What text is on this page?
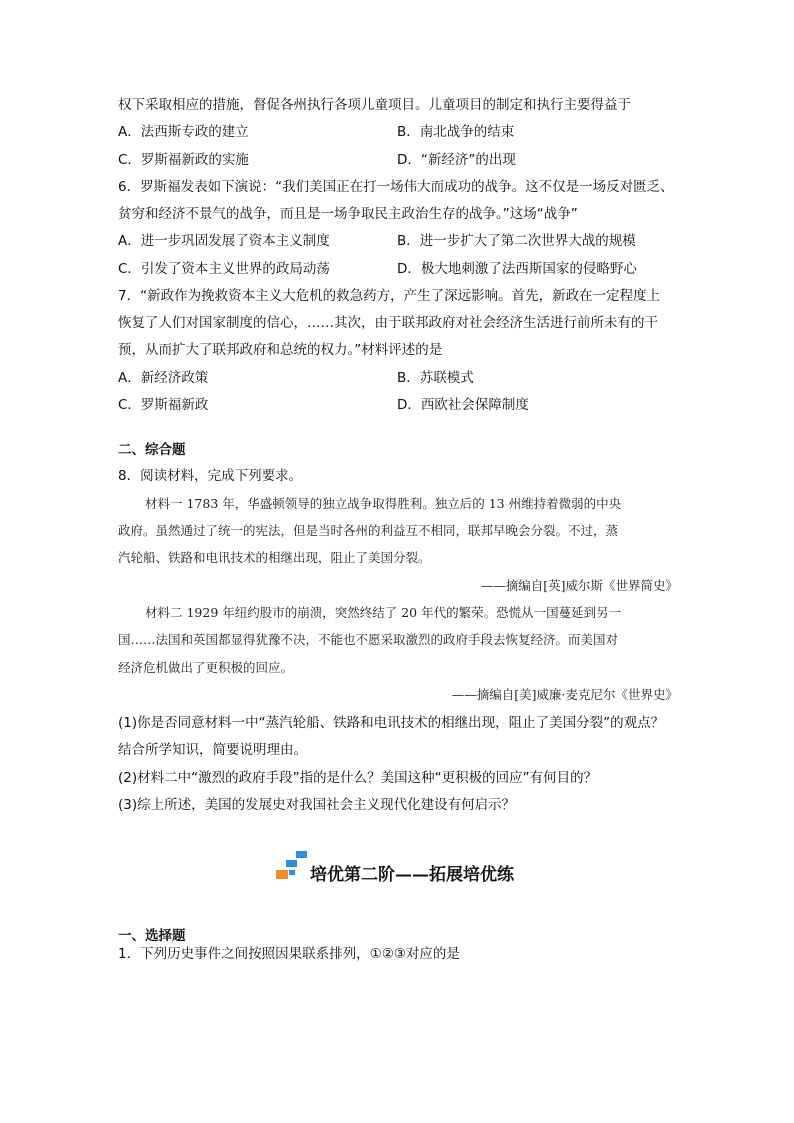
权下采取相应的措施，督促各州执行各项儿童项目。儿童项目的制定和执行主要得益于
A．法西斯专政的建立	B．南北战争的结束
C．罗斯福新政的实施	D．“新经济”的出现
6．罗斯福发表如下演说：“我们美国正在打一场伟大而成功的战争。这不仅是一场反对匮乏、
贫穷和经济不景气的战争，而且是一场争取民主政治生存的战争。”这场“战争”
A．进一步巩固发展了资本主义制度	B．进一步扩大了第二次世界大战的规模
C．引发了资本主义世界的政局动荡	D．极大地刺激了法西斯国家的侵略野心
7．“新政作为挽救资本主义大危机的救急药方，产生了深远影响。首先，新政在一定程度上
恢复了人们对国家制度的信心，……其次，由于联邦政府对社会经济生活进行前所未有的干
预，从而扩大了联邦政府和总统的权力。”材料评述的是
A．新经济政策	B．苏联模式
C．罗斯福新政	D．西欧社会保障制度
二、综合题
8．阅读材料，完成下列要求。
材料一 1783 年，华盛顿领导的独立战争取得胜利。独立后的 13 州维持着微弱的中央
政府。虽然通过了统一的宪法，但是当时各州的利益互不相同，联邦早晚会分裂。不过，蒸
汽轮船、铁路和电讯技术的相继出现，阻止了美国分裂。
——摘编自[英]威尔斯《世界简史》
材料二 1929 年纽约股市的崩溃，突然终结了 20 年代的繁荣。恐慌从一国蔓延到另一
国……法国和英国都显得犹豫不决，不能也不愿采取激烈的政府手段去恢复经济。而美国对
经济危机做出了更积极的回应。
——摘编自[美]威廉·麦克尼尔《世界史》
(1)你是否同意材料一中“蒸汽轮船、铁路和电讯技术的相继出现，阻止了美国分裂”的观点？
结合所学知识，简要说明理由。
(2)材料二中“激烈的政府手段”指的是什么？美国这种“更积极的回应”有何目的？
(3)综上所述，美国的发展史对我国社会主义现代化建设有何启示？
培优第二阶——拓展培优练
一、选择题
1．下列历史事件之间按照因果联系排列，①②③对应的是
